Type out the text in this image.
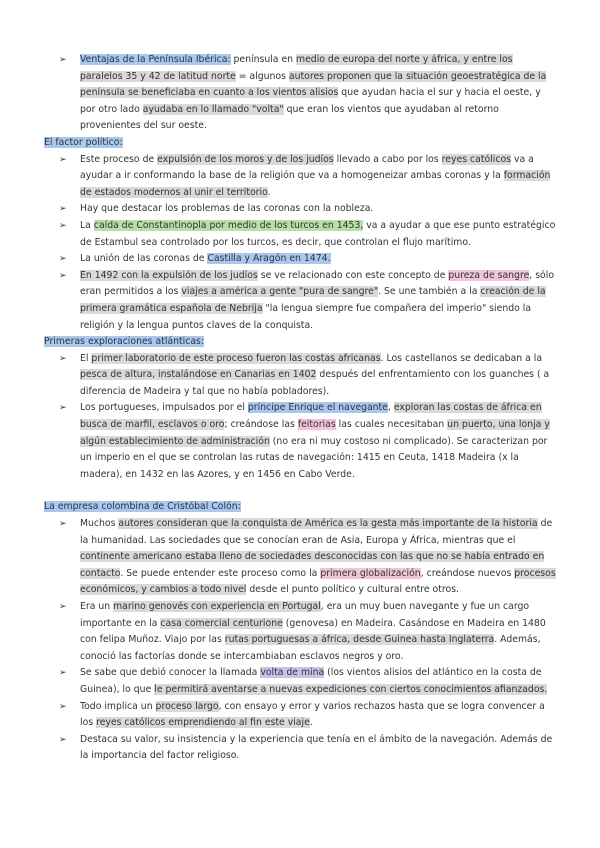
➢ Ventajas de la Península Ibérica: península en medio de europa del norte y áfrica, y entre los paralelos 35 y 42 de latitud norte = algunos autores proponen que la situación geoestratégica de la península se beneficiaba en cuanto a los vientos alisios que ayudan hacia el sur y hacia el oeste, y por otro lado ayudaba en lo llamado "volta" que eran los vientos que ayudaban al retorno provenientes del sur oeste.
El factor político:
➢ Este proceso de expulsión de los moros y de los judíos llevado a cabo por los reyes católicos va a ayudar a ir conformando la base de la religión que va a homogeneizar ambas coronas y la formación de estados modernos al unir el territorio.
➢ Hay que destacar los problemas de las coronas con la nobleza.
➢ La caída de Constantinopla por medio de los turcos en 1453, va a ayudar a que ese punto estratégico de Estambul sea controlado por los turcos, es decir, que controlan el flujo marítimo.
➢ La unión de las coronas de Castilla y Aragón en 1474.
➢ En 1492 con la expulsión de los judíos se ve relacionado con este concepto de pureza de sangre, sólo eran permitidos a los viajes a américa a gente "pura de sangre". Se une también a la creación de la primera gramática española de Nebrija "la lengua siempre fue compañera del imperio" siendo la religión y la lengua puntos claves de la conquista.
Primeras exploraciones atlánticas:
➢ El primer laboratorio de este proceso fueron las costas africanas. Los castellanos se dedicaban a la pesca de altura, instalándose en Canarias en 1402 después del enfrentamiento con los guanches ( a diferencia de Madeira y tal que no había pobladores).
➢ Los portugueses, impulsados por el príncipe Enrique el navegante, exploran las costas de áfrica en busca de marfil, esclavos o oro; creándose las feitorias las cuales necesitaban un puerto, una lonja y algún establecimiento de administración (no era ni muy costoso ni complicado). Se caracterizan por un imperio en el que se controlan las rutas de navegación: 1415 en Ceuta, 1418 Madeira (x la madera), en 1432 en las Azores, y en 1456 en Cabo Verde.
La empresa colombina de Cristóbal Colón:
➢ Muchos autores consideran que la conquista de América es la gesta más importante de la historia de la humanidad. Las sociedades que se conocían eran de Asia, Europa y África, mientras que el continente americano estaba lleno de sociedades desconocidas con las que no se había entrado en contacto. Se puede entender este proceso como la primera globalización, creándose nuevos procesos económicos, y cambios a todo nivel desde el punto político y cultural entre otros.
➢ Era un marino genovés con experiencia en Portugal, era un muy buen navegante y fue un cargo importante en la casa comercial centurione (genovesa) en Madeira. Casándose en Madeira en 1480 con felipa Muñoz. Viajo por las rutas portuguesas a áfrica, desde Guinea hasta Inglaterra. Además, conoció las factorías donde se intercambiaban esclavos negros y oro.
➢ Se sabe que debió conocer la llamada volta de mina (los vientos alisios del atlántico en la costa de Guinea), lo que le permitirá aventarse a nuevas expediciones con ciertos conocimientos afianzados.
➢ Todo implica un proceso largo, con ensayo y error y varios rechazos hasta que se logra convencer a los reyes católicos emprendiendo al fin este viaje.
➢ Destaca su valor, su insistencia y la experiencia que tenía en el ámbito de la navegación. Además de la importancia del factor religioso.
